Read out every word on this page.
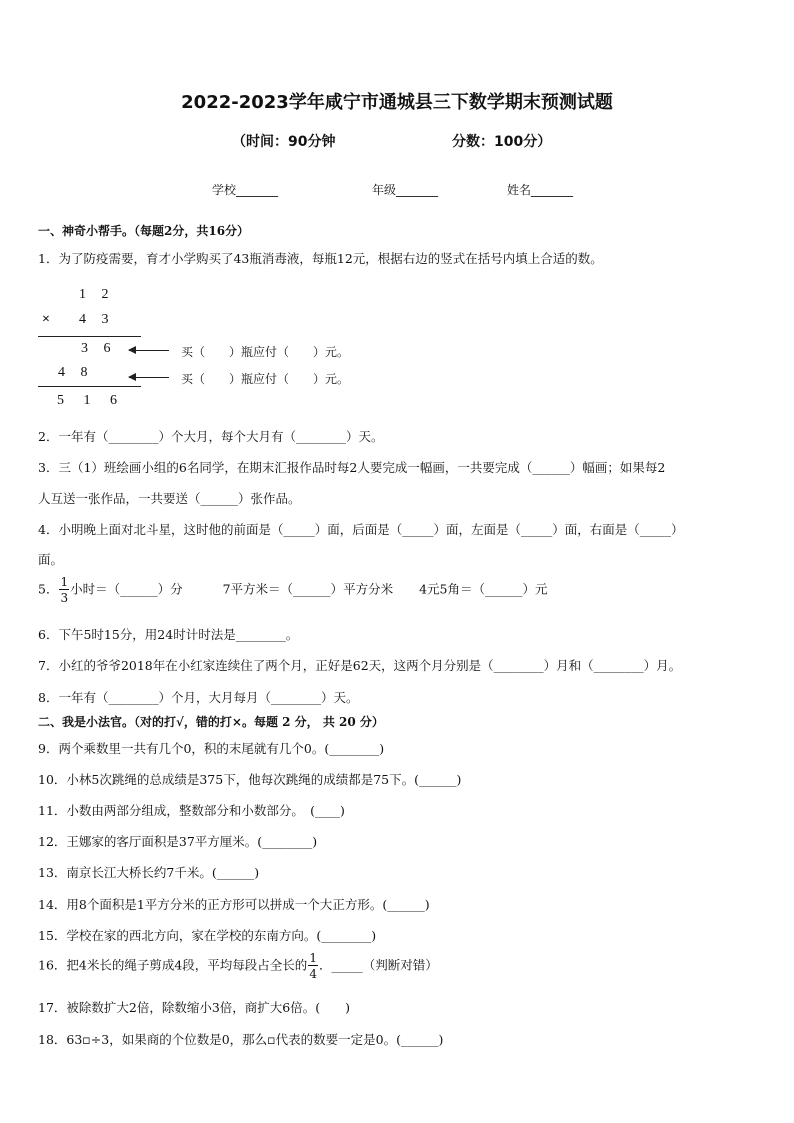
2022-2023学年咸宁市通城县三下数学期末预测试题
（时间：90分钟	分数：100分）
学校_______	年级_______	姓名_______
一、神奇小帮手。（每题2分，共16分）
1．为了防疫需要，育才小学购买了43瓶消毒液，每瓶12元，根据右边的竖式在括号内填上合适的数。
1 2
× 4 3
3 6
4 8
5 1 6
买（　　）瓶应付（　　）元。
买（　　）瓶应付（　　）元。
2．一年有（________）个大月，每个大月有（________）天。
3．三（1）班绘画小组的6名同学，在期末汇报作品时每2人要完成一幅画，一共要完成（______）幅画；如果每2
人互送一张作品，一共要送（______）张作品。
4．小明晚上面对北斗星，这时他的前面是（_____）面，后面是（_____）面，左面是（_____）面，右面是（_____）
面。
5． $\frac{1}{3}$ 小时＝（______）分	7平方米＝（______）平方分米 4元5角＝（______）元
6．下午5时15分，用24时计时法是________。
7．小红的爷爷2018年在小红家连续住了两个月，正好是62天，这两个月分别是（________）月和（________）月。
8．一年有（________）个月，大月每月（________）天。
二、我是小法官。（对的打√，错的打×。每题 2 分， 共 20 分）
9．两个乘数里一共有几个0，积的末尾就有几个0。(________)
10．小林5次跳绳的总成绩是375下，他每次跳绳的成绩都是75下。(______)
11．小数由两部分组成，整数部分和小数部分。　(____)
12．王娜家的客厅面积是37平方厘米。(________)
13．南京长江大桥长约7千米。(______)
14．用8个面积是1平方分米的正方形可以拼成一个大正方形。(______)
15．学校在家的西北方向，家在学校的东南方向。(________)
16．把4米长的绳子剪成4段，平均每段占全长的 $\frac{1}{4}$ ．_____（判断对错）
17．被除数扩大2倍，除数缩小3倍，商扩大6倍。(　　)
18．63▫÷3，如果商的个位数是0，那么▫代表的数要一定是0。(______)
